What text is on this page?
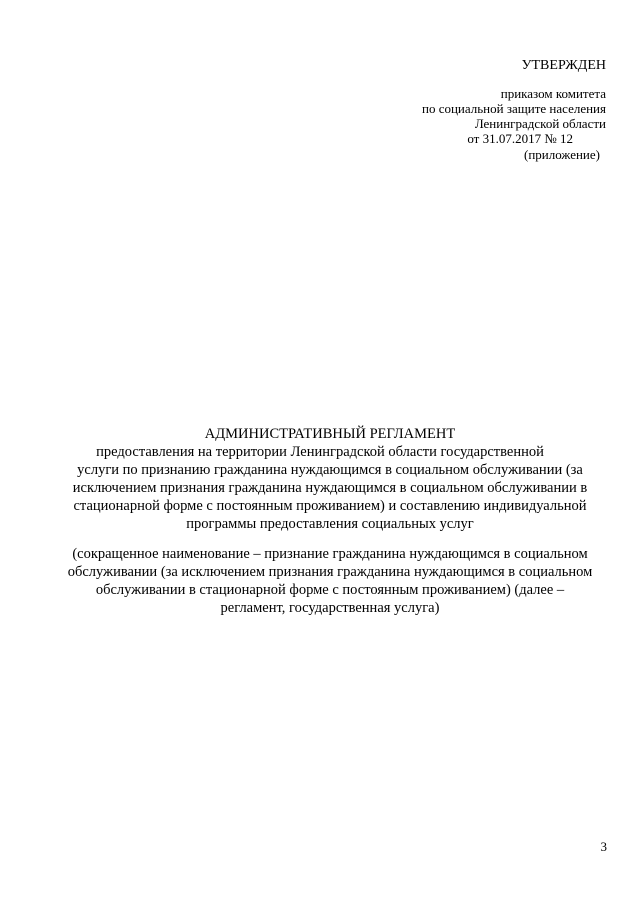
УТВЕРЖДЕН
приказом комитета
по социальной защите населения
Ленинградской области
от 31.07.2017 № 12
(приложение)
АДМИНИСТРАТИВНЫЙ РЕГЛАМЕНТ
предоставления на территории Ленинградской области государственной
услуги по признанию гражданина нуждающимся в социальном обслуживании (за
исключением признания гражданина нуждающимся в социальном обслуживании в
стационарной форме с постоянным проживанием) и составлению индивидуальной
программы предоставления социальных услуг
(сокращенное наименование – признание гражданина нуждающимся в социальном
обслуживании (за исключением признания гражданина нуждающимся в социальном
обслуживании в стационарной форме с постоянным проживанием) (далее –
регламент, государственная услуга)
3
